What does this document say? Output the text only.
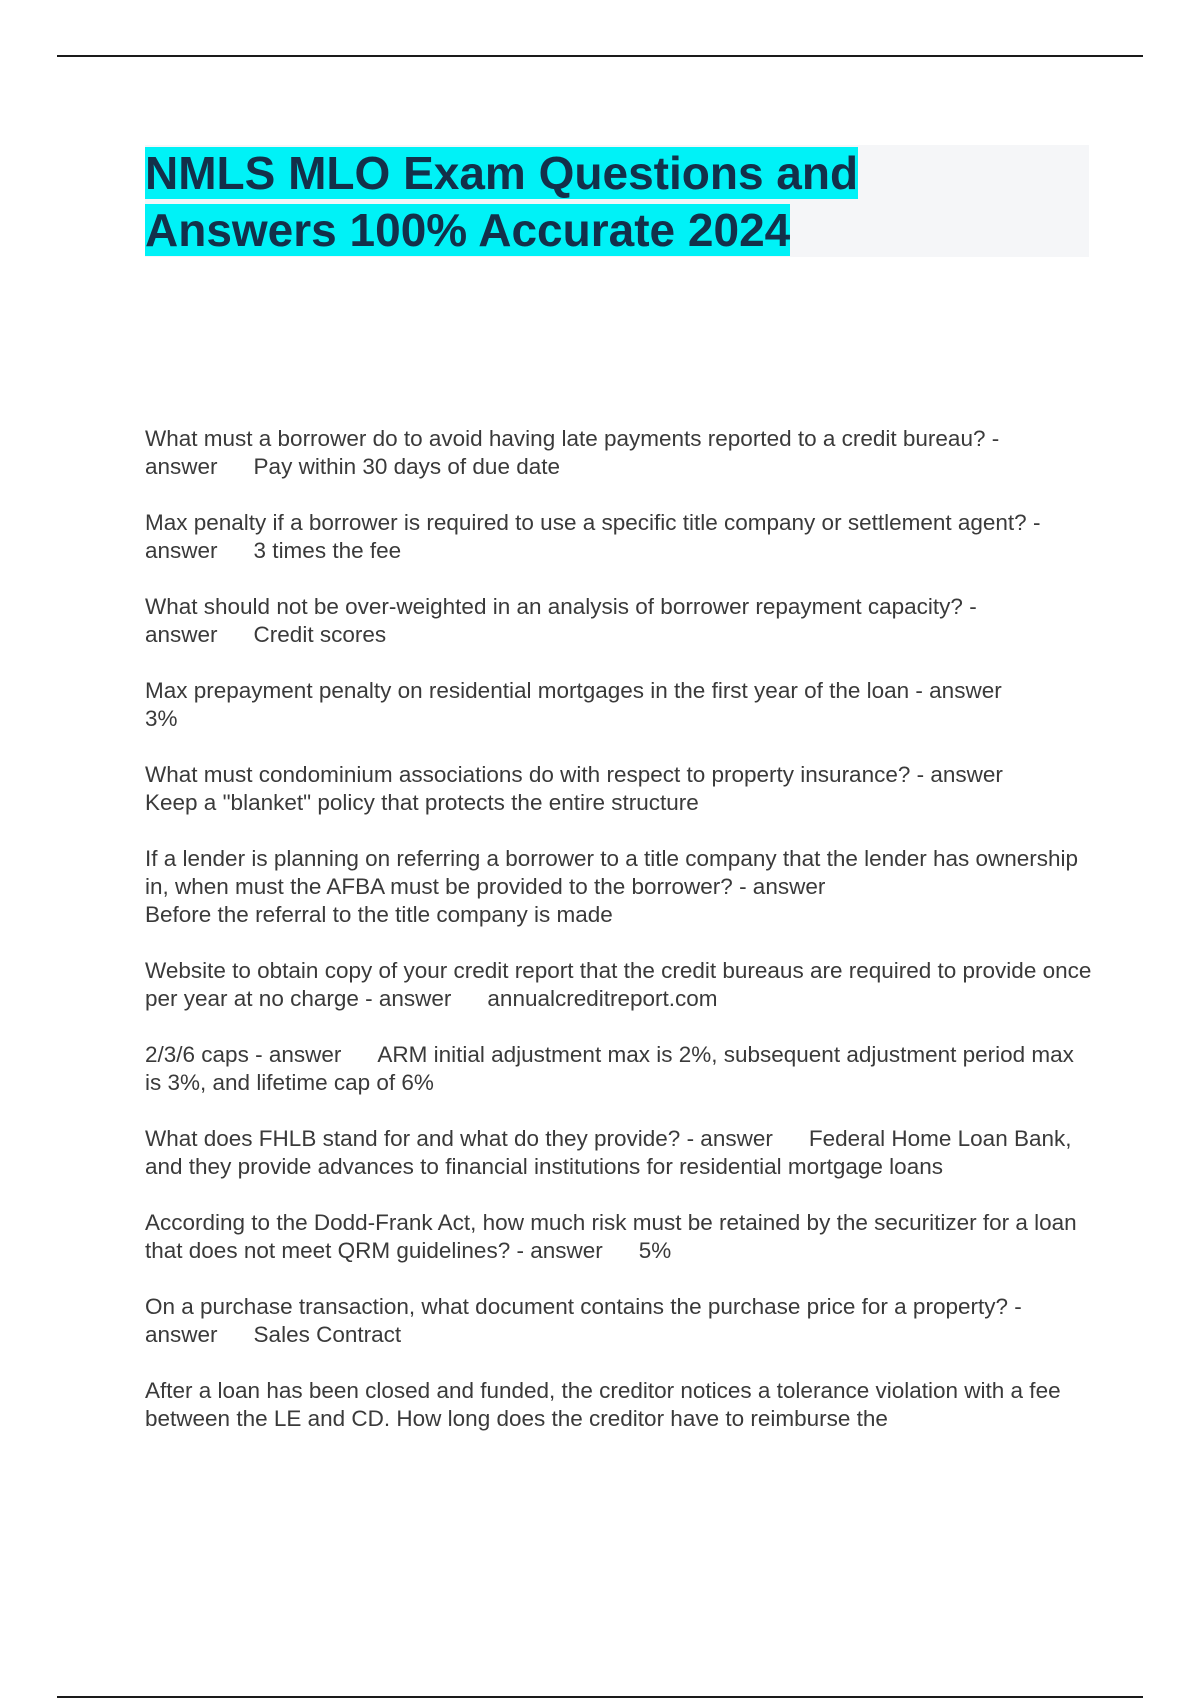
NMLS MLO Exam Questions and Answers 100% Accurate 2024

What must a borrower do to avoid having late payments reported to a credit bureau? - answer Pay within 30 days of due date

Max penalty if a borrower is required to use a specific title company or settlement agent? - answer 3 times the fee

What should not be over-weighted in an analysis of borrower repayment capacity? - answer Credit scores

Max prepayment penalty on residential mortgages in the first year of the loan - answer
3%

What must condominium associations do with respect to property insurance? - answer
Keep a "blanket" policy that protects the entire structure

If a lender is planning on referring a borrower to a title company that the lender has ownership in, when must the AFBA must be provided to the borrower? - answer
Before the referral to the title company is made

Website to obtain copy of your credit report that the credit bureaus are required to provide once per year at no charge - answer annualcreditreport.com

2/3/6 caps - answer ARM initial adjustment max is 2%, subsequent adjustment period max is 3%, and lifetime cap of 6%

What does FHLB stand for and what do they provide? - answer Federal Home Loan Bank, and they provide advances to financial institutions for residential mortgage loans

According to the Dodd-Frank Act, how much risk must be retained by the securitizer for a loan that does not meet QRM guidelines? - answer 5%

On a purchase transaction, what document contains the purchase price for a property? - answer Sales Contract

After a loan has been closed and funded, the creditor notices a tolerance violation with a fee between the LE and CD. How long does the creditor have to reimburse the
